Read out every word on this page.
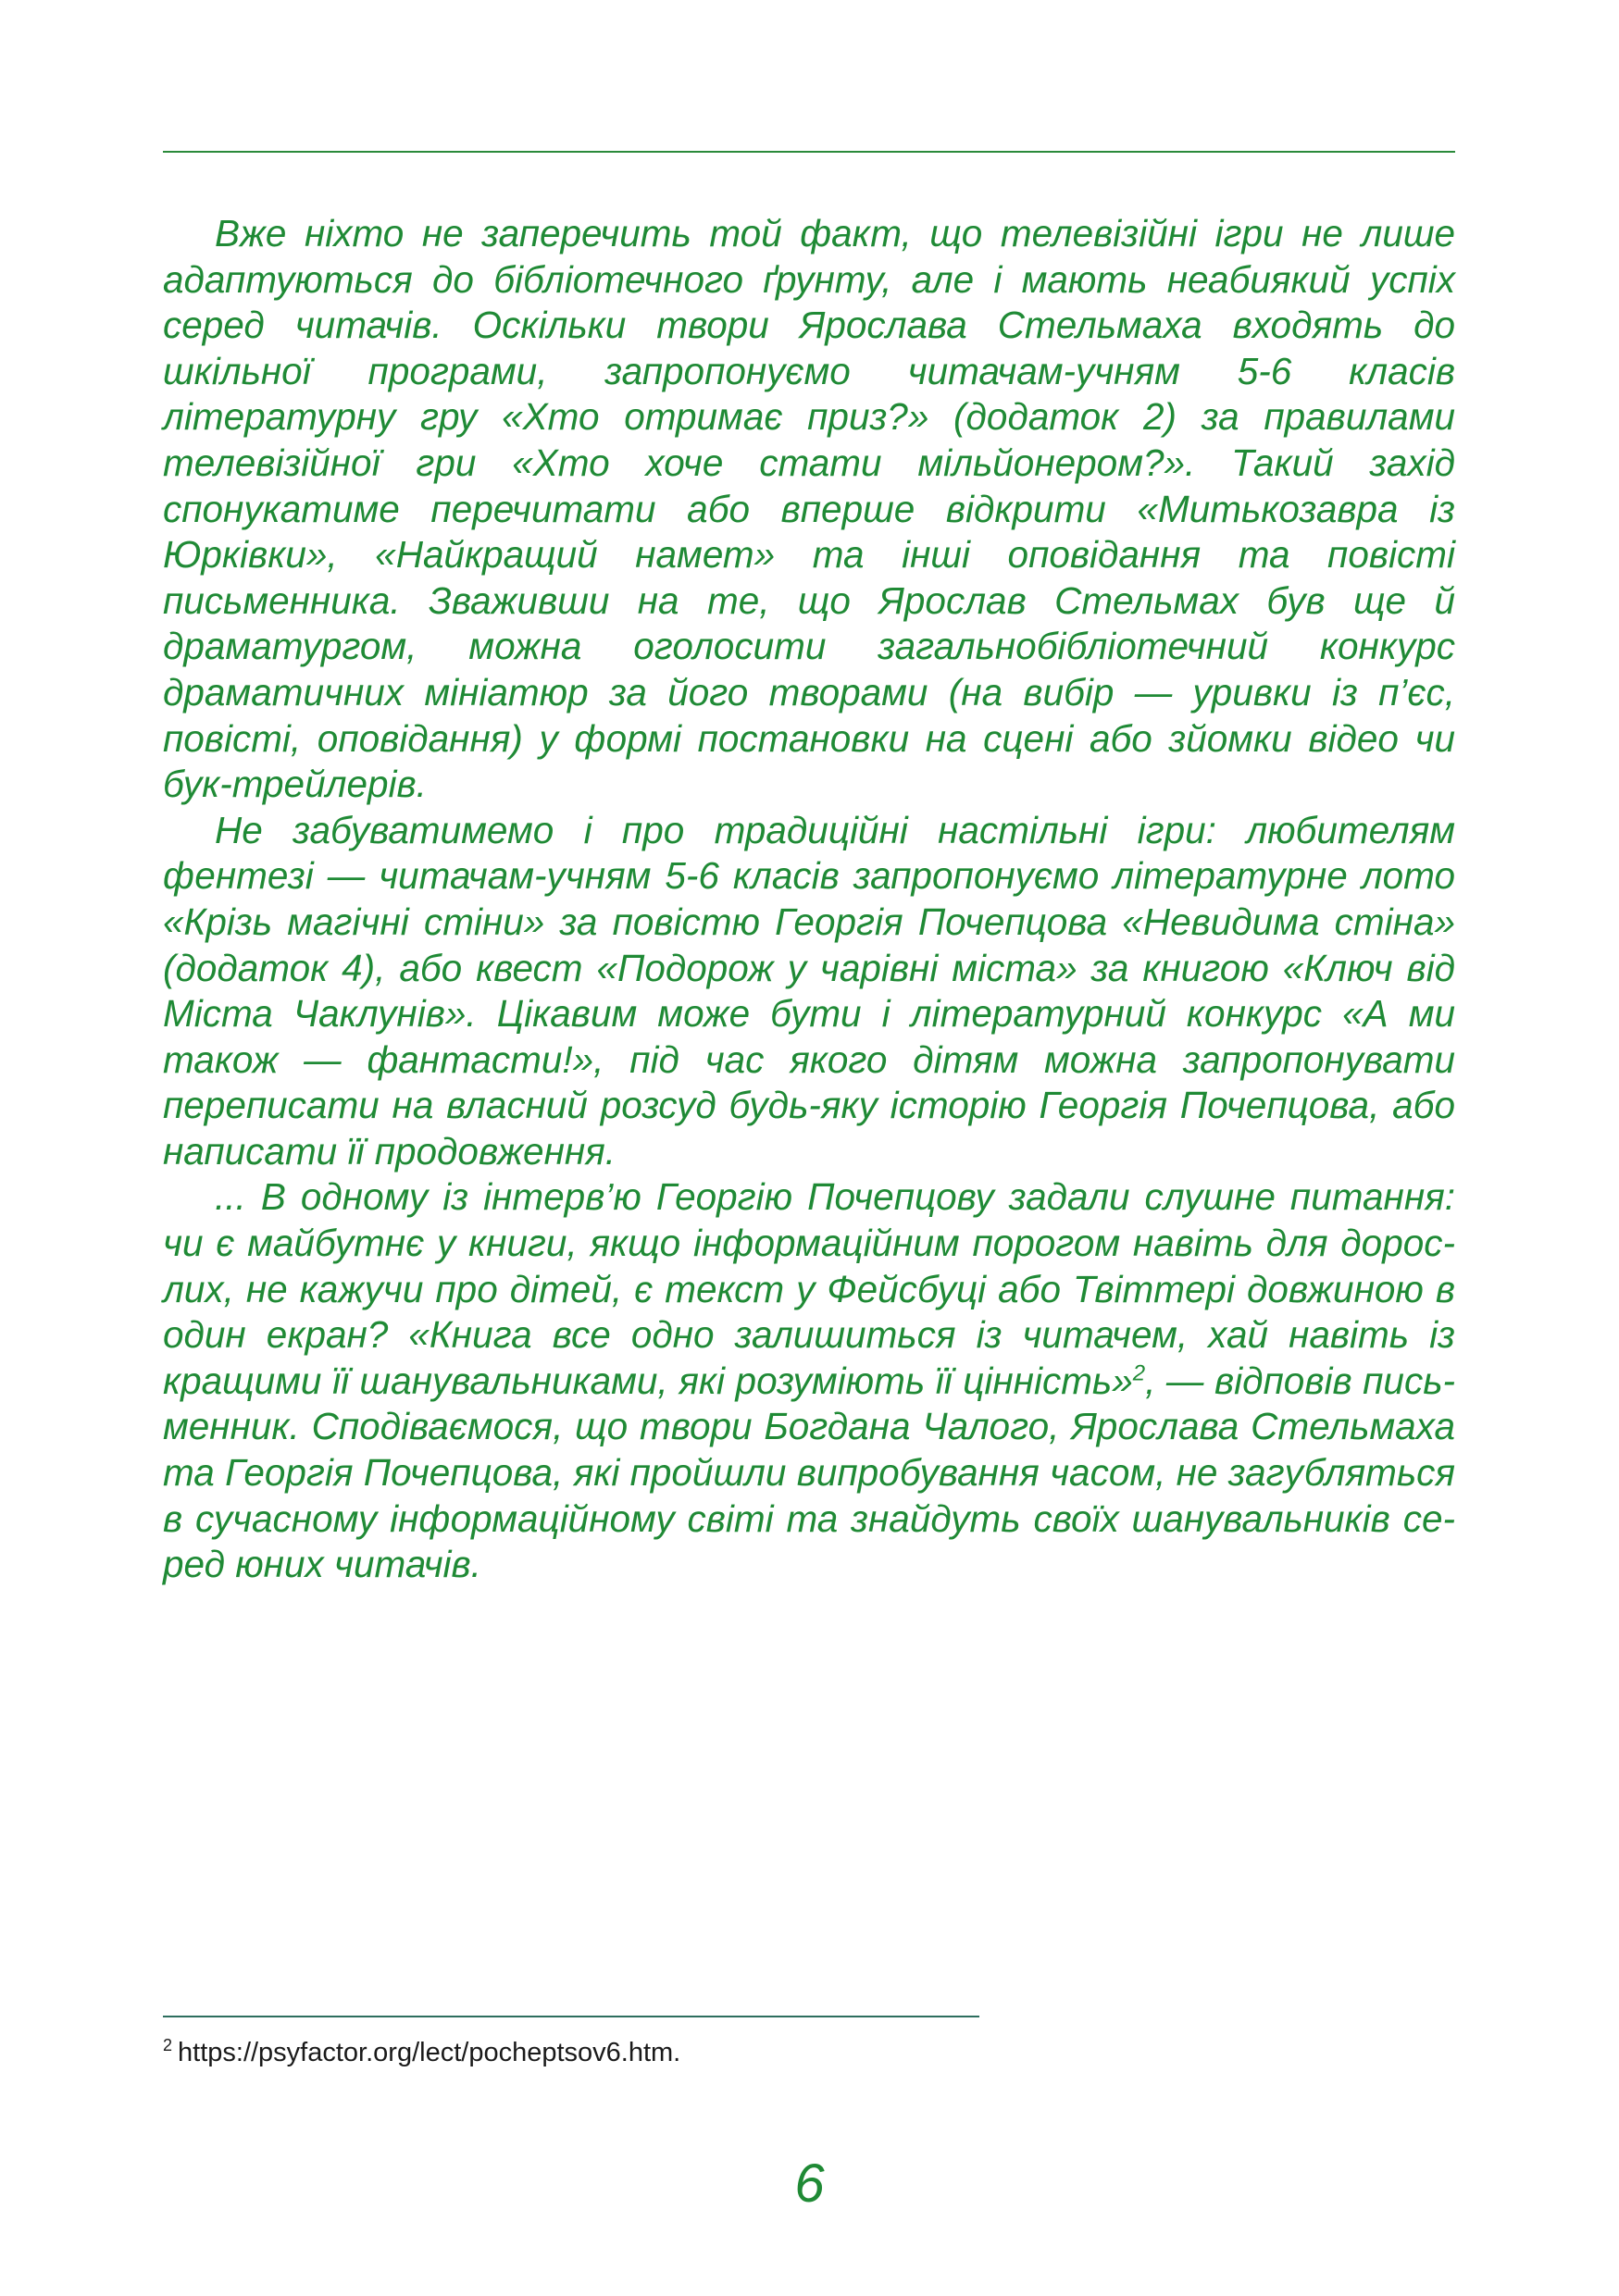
Вже ніхто не заперечить той факт, що телевізійні ігри не лише адаптуються до бібліотечного ґрунту, але і мають неабиякий успіх серед читачів. Оскільки твори Ярослава Стельмаха входять до шкільної програми, запропонуємо читачам-учням 5-6 класів літературну гру «Хто отримає приз?» (додаток 2) за правилами телевізійної гри «Хто хоче стати мільйонером?». Такий захід спонукатиме перечитати або вперше відкрити «Митькозавра із Юрківки», «Найкращий намет» та інші оповідання та повісті письменника. Зваживши на те, що Ярослав Стельмах був ще й драматургом, можна оголосити загальнобібліотечний конкурс драматичних мініатюр за його творами (на вибір — уривки із п’єс, повісті, оповідання) у формі постановки на сцені або зйомки відео чи бук-трейлерів.

Не забуватимемо і про традиційні настільні ігри: любителям фентезі — читачам-учням 5-6 класів запропонуємо літературне лото «Крізь магічні стіни» за повістю Георгія Почепцова «Невидима стіна» (додаток 4), або квест «Подорож у чарівні міста» за книгою «Ключ від Міста Чаклунів». Цікавим може бути і літературний конкурс «А ми також — фантасти!», під час якого дітям можна запропонувати переписати на власний розсуд будь-яку історію Георгія Почепцова, або написати її продовження.

... В одному із інтерв’ю Георгію Почепцову задали слушне питання: чи є майбутнє у книги, якщо інформаційним порогом навіть для дорослих, не кажучи про дітей, є текст у Фейсбуці або Твіттері довжиною в один екран? «Книга все одно залишиться із читачем, хай навіть із кращими її шанувальниками, які розуміють її цінність»$^2$, — відповів письменник. Сподіваємося, що твори Богдана Чалого, Ярослава Стельмаха та Георгія Почепцова, які пройшли випробування часом, не загубляться в сучасному інформаційному світі та знайдуть своїх шанувальників серед юних читачів.

$^2$ https://psyfactor.org/lect/pocheptsov6.htm.
6
